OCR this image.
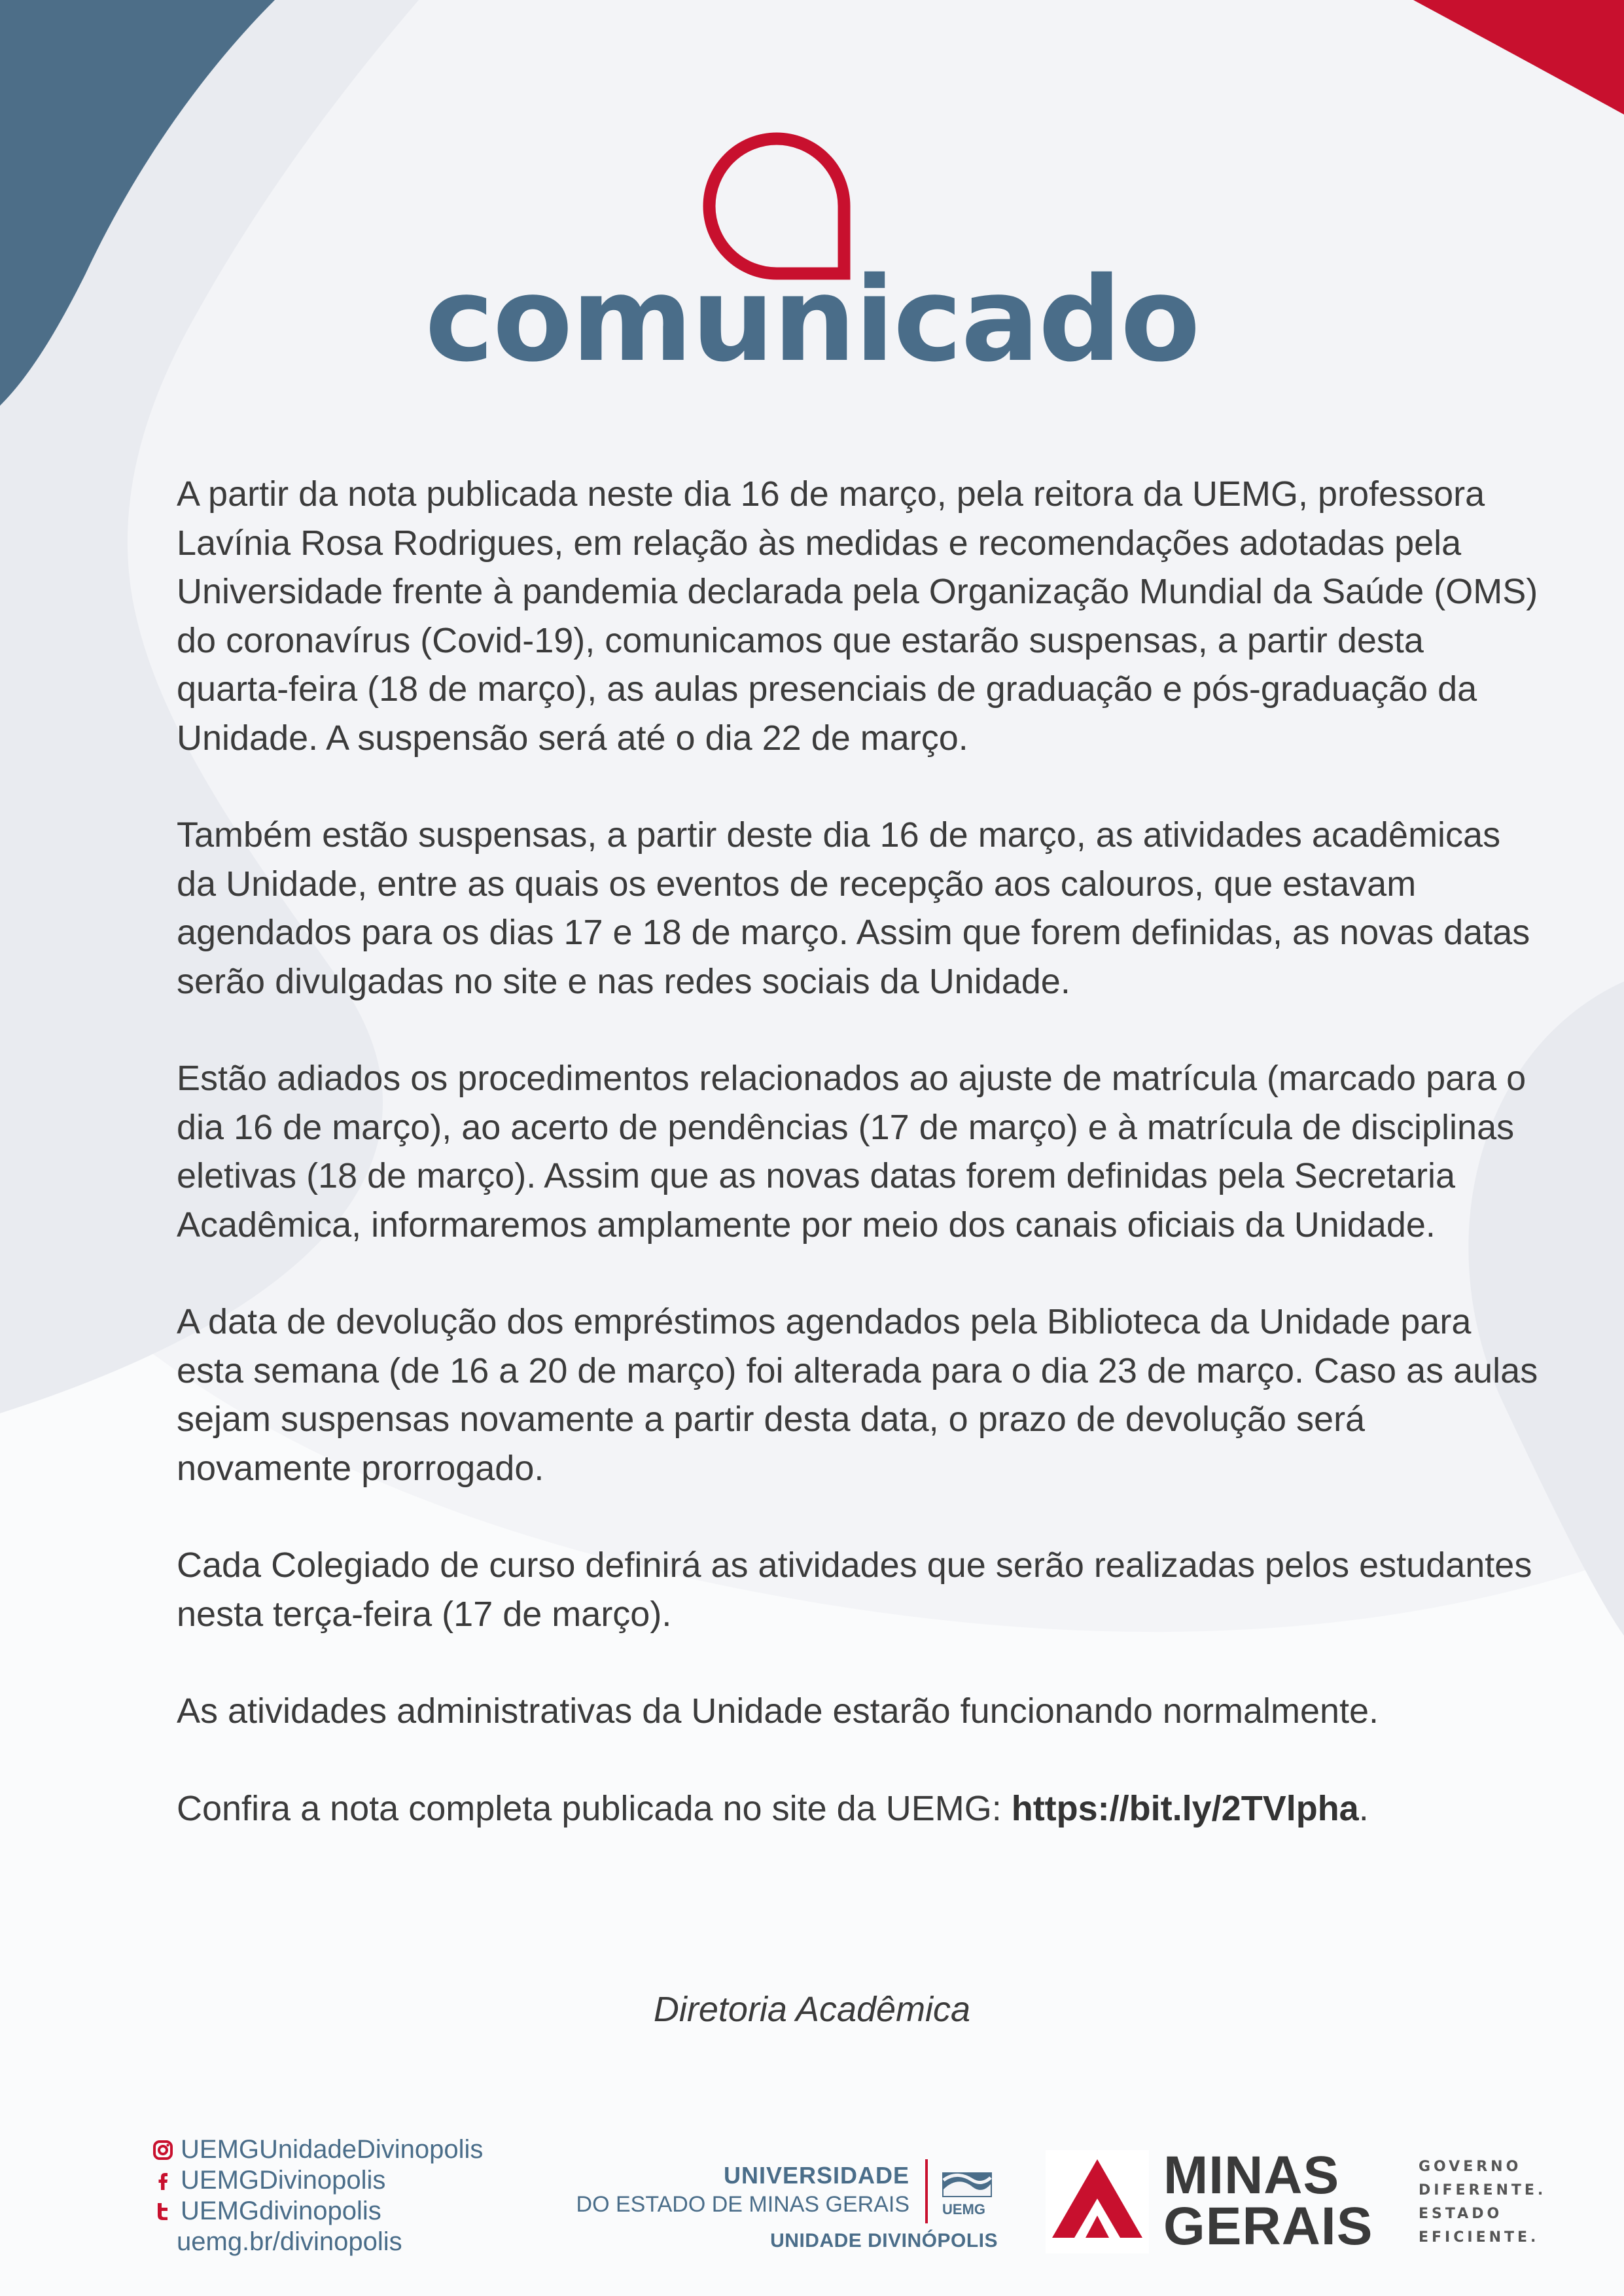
comunicado

A partir da nota publicada neste dia 16 de março, pela reitora da UEMG, professora Lavínia Rosa Rodrigues, em relação às medidas e recomendações adotadas pela Universidade frente à pandemia declarada pela Organização Mundial da Saúde (OMS) do coronavírus (Covid-19), comunicamos que estarão suspensas, a partir desta quarta-feira (18 de março), as aulas presenciais de graduação e pós-graduação da Unidade. A suspensão será até o dia 22 de março.

Também estão suspensas, a partir deste dia 16 de março, as atividades acadêmicas da Unidade, entre as quais os eventos de recepção aos calouros, que estavam agendados para os dias 17 e 18 de março. Assim que forem definidas, as novas datas serão divulgadas no site e nas redes sociais da Unidade.

Estão adiados os procedimentos relacionados ao ajuste de matrícula (marcado para o dia 16 de março), ao acerto de pendências (17 de março) e à matrícula de disciplinas eletivas (18 de março). Assim que as novas datas forem definidas pela Secretaria Acadêmica, informaremos amplamente por meio dos canais oficiais da Unidade.

A data de devolução dos empréstimos agendados pela Biblioteca da Unidade para esta semana (de 16 a 20 de março) foi alterada para o dia 23 de março. Caso as aulas sejam suspensas novamente a partir desta data, o prazo de devolução será novamente prorrogado.

Cada Colegiado de curso definirá as atividades que serão realizadas pelos estudantes nesta terça-feira (17 de março).

As atividades administrativas da Unidade estarão funcionando normalmente.

Confira a nota completa publicada no site da UEMG: https://bit.ly/2TVlpha.

Diretoria Acadêmica
UEMGUnidadeDivinopolis
UEMGDivinopolis
UEMGdivinopolis
uemg.br/divinopolis
UNIVERSIDADE
DO ESTADO DE MINAS GERAIS
UNIDADE DIVINÓPOLIS
UEMG
MINAS
GERAIS
GOVERNO
DIFERENTE.
ESTADO
EFICIENTE.
